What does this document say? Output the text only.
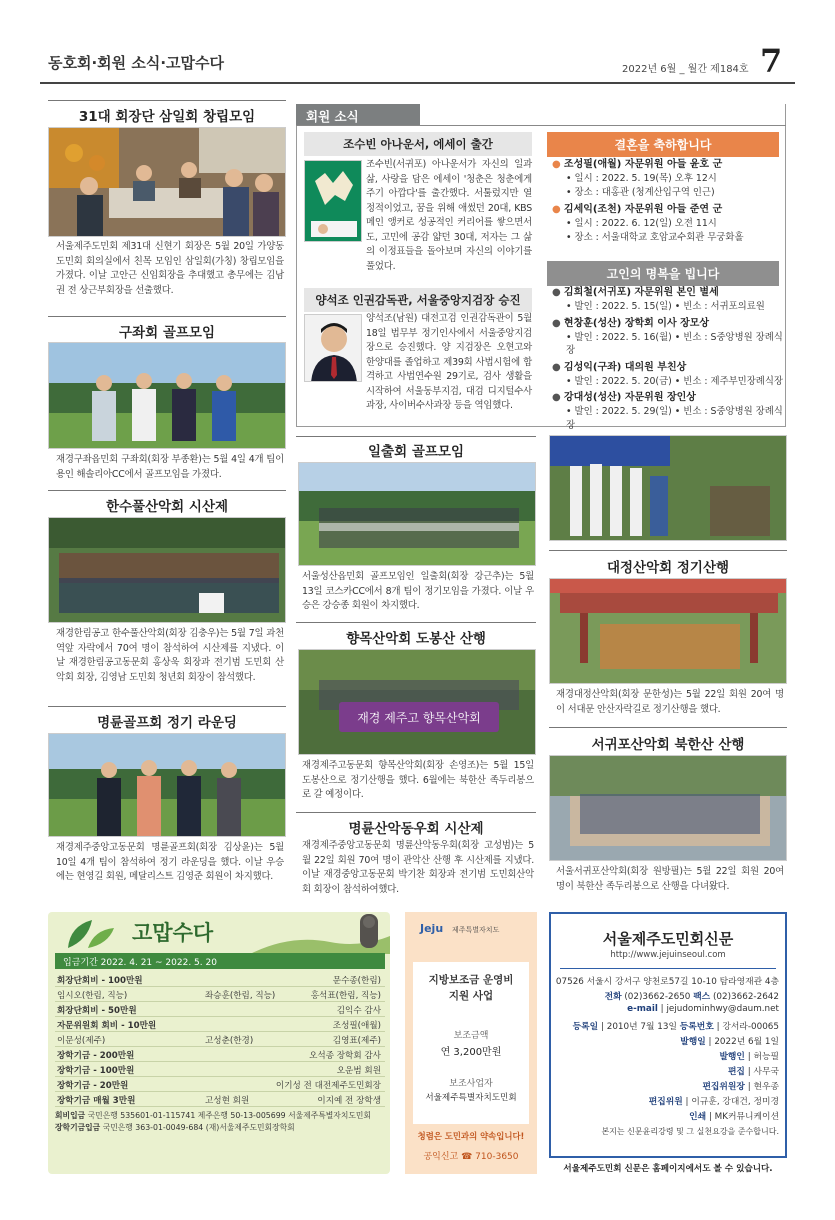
동호회·회원 소식·고맙수다	2022년 6월 _ 월간 제184호 7
31대 회장단 삼일회 창립모임
서울제주도민회 제31대 신현기 회장은 5월 20일 가양동 도민회 회의실에서 친목 모임인 삼일회(가칭) 창립모임을 가졌다. 이날 고안근 신임회장을 추대했고 총무에는 김남권 전 상근부회장을 선출했다.
구좌회 골프모임
재경구좌읍민회 구좌회(회장 부종환)는 5월 4일 4개 팀이 용인 해솔리아CC에서 골프모임을 가졌다.
한수풀산악회 시산제
재경한림공고 한수풀산악회(회장 김충우)는 5월 7일 과천역앞 자락에서 70여 명이 참석하여 시산제를 지냈다. 이날 재경한림공고동문회 홍상욱 회장과 전기범 도민회 산악회 회장, 김영남 도민회 청년회 회장이 참석했다.
명륜골프회 정기 라운딩
재경제주중앙고동문회 명륜골프회(회장 김상윤)는 5월 10일 4개 팀이 참석하여 정기 라운딩을 했다. 이날 우승에는 현영길 회원, 메달리스트 김영준 회원이 차지했다.
회원 소식
조수빈 아나운서, 에세이 출간
조수빈(서귀포) 아나운서가 자신의 일과 삶, 사랑을 담은 에세이 '청춘은 청춘에게 주기 아깝다'를 출간했다. 서툴렀지만 열정적이었고, 꿈을 위해 애썼던 20대, KBS 메인 앵커로 성공적인 커리어를 쌓으면서도, 고민에 공감 얇던 30대, 저자는 그 삶의 이정표들을 돌아보며 자신의 이야기를 풀었다.
양석조 인권감독관, 서울중앙지검장 승진
양석조(남원) 대전고검 인권감독관이 5월 18일 법무부 정기인사에서 서울중앙지검장으로 승진했다. 양 지검장은 오현고와 한양대를 졸업하고 제39회 사법시험에 합격하고 사법연수원 29기로, 검사 생활을 시작하여 서울동부지검, 대검 디지털수사과장, 사이버수사과장 등을 역임했다.
결혼을 축하합니다
● 조성필(애월) 자문위원 아들 윤호 군
• 일시 : 2022. 5. 19(목) 오후 12시
• 장소 : 대홍관 (청계산입구역 인근)
● 김세익(조천) 자문위원 아들 준연 군
• 일시 : 2022. 6. 12(일) 오전 11시
• 장소 : 서울대학교 호암교수회관 무궁화홀
고인의 명복을 빕니다
● 김희철(서귀포) 자문위원 본인 별세
• 발인 : 2022. 5. 15(일) • 빈소 : 서귀포의료원
● 현창훈(성산) 장학회 이사 장모상
• 발인 : 2022. 5. 16(월) • 빈소 : S중앙병원 장례식장
● 김성익(구좌) 대의원 부친상
• 발인 : 2022. 5. 20(금) • 빈소 : 제주부민장례식장
● 강대성(성산) 자문위원 장인상
• 발인 : 2022. 5. 29(일) • 빈소 : S중앙병원 장례식장
일출회 골프모임
서울성산읍민회 골프모임인 일출회(회장 강근추)는 5월 13일 코스카CC에서 8개 팀이 정기모임을 가졌다. 이날 우승은 강승종 회원이 차지했다.
향목산악회 도봉산 산행
재경 제주고 향목산악회
재경제주고동문회 향목산악회(회장 손영조)는 5월 15일 도봉산으로 정기산행을 했다. 6월에는 북한산 족두리봉으로 갈 예정이다.
명륜산악동우회 시산제
재경제주중앙고동문회 명륜산악동우회(회장 고성범)는 5월 22일 회원 70여 명이 관악산 산행 후 시산제를 지냈다. 이날 재경중앙고동문회 박기찬 회장과 전기범 도민회산악회 회장이 참석하여했다.
대정산악회 정기산행
재경대정산악회(회장 문한성)는 5월 22일 회원 20여 명이 서대문 안산자락길로 정기산행을 했다.
서귀포산악회 북한산 산행
서울서귀포산악회(회장 원방필)는 5월 22일 회원 20여 명이 북한산 족두리봉으로 산행을 다녀왔다.
고맙수다
입금기간 2022. 4. 21 ~ 2022. 5. 20
회장단회비 - 100만원	문수종(한림)
임시오(한림, 직능)	좌승훈(한림, 직능)	홍석표(한림, 직능)
회장단회비 - 50만원	김익수 감사
자문위원회 회비 - 10만원	조성필(애월)
이문성(제주)	고성춘(한경)	김영표(제주)
장학기금 - 200만원	오석종 장학회 감사
장학기금 - 100만원	오운범 회원
장학기금 - 20만원	이기성 전 대전제주도민회장
장학기금 매월 3만원	고성현 회원	이지예 전 장학생
회비입금 국민은행 535601-01-115741 제주은행 50-13-005699 서울제주특별자치도민회
장학기금입금 국민은행 363-01-0049-684 (재)서울제주도민회장학회
Jeju 제주특별자치도
지방보조금 운영비
지원 사업
보조금액
연 3,200만원
보조사업자
서울제주특별자치도민회
청렴은 도민과의 약속입니다!
공익신고 ☎ 710-3650
서울제주도민회신문
http://www.jejuinseoul.com
07526 서울시 강서구 양천로57길 10-10 탐라영재관 4층
전화 (02)3662-2650 팩스 (02)3662-2642
e-mail | jejudominhwy@daum.net
등록일 | 2010년 7월 13일 등록번호 | 강서라-00065
발행일 | 2022년 6월 1일
발행인 | 허능필
편집 | 사무국
편집위원장 | 현우종
편집위원 | 이규훈, 강대건, 정미경
인쇄 | MK커뮤니케이션
본지는 신문윤리강령 및 그 실천요강을 준수합니다.
서울제주도민회 신문은 홈페이지에서도 볼 수 있습니다.
